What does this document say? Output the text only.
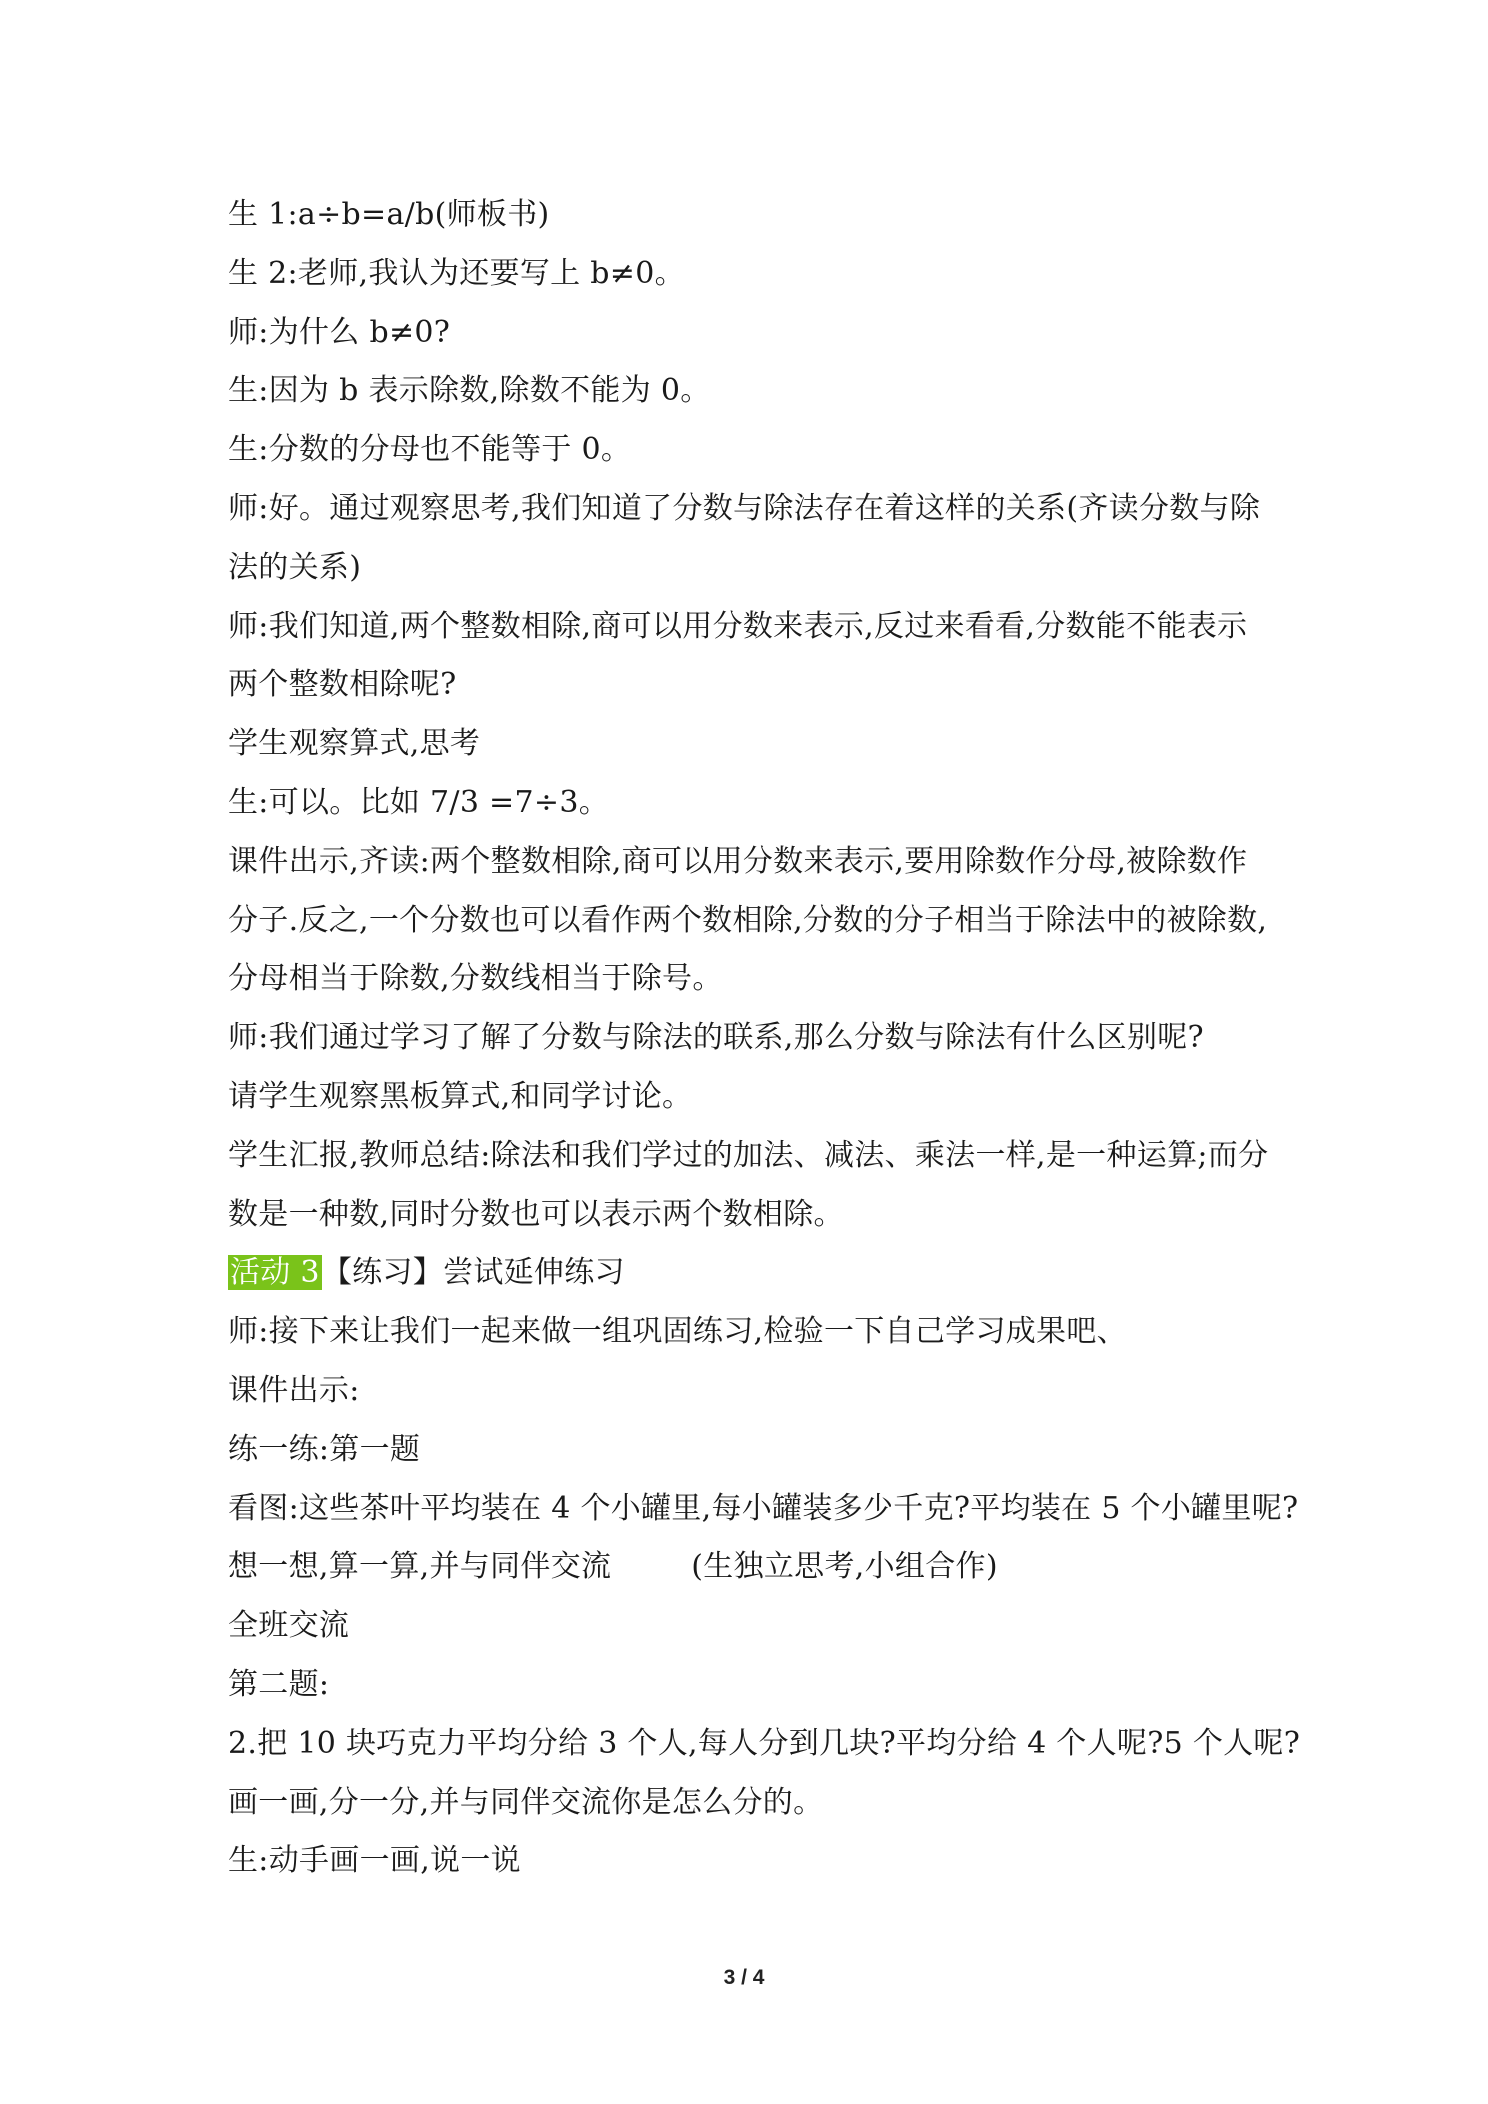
生 1:a÷b=a/b(师板书)
生 2:老师,我认为还要写上 b≠0。
师:为什么 b≠0?
生:因为 b 表示除数,除数不能为 0。
生:分数的分母也不能等于 0。
师:好。通过观察思考,我们知道了分数与除法存在着这样的关系(齐读分数与除
法的关系)
师:我们知道,两个整数相除,商可以用分数来表示,反过来看看,分数能不能表示
两个整数相除呢?
学生观察算式,思考
生:可以。比如 7/3 =7÷3。
课件出示,齐读:两个整数相除,商可以用分数来表示,要用除数作分母,被除数作
分子.反之,一个分数也可以看作两个数相除,分数的分子相当于除法中的被除数,
分母相当于除数,分数线相当于除号。
师:我们通过学习了解了分数与除法的联系,那么分数与除法有什么区别呢?
请学生观察黑板算式,和同学讨论。
学生汇报,教师总结:除法和我们学过的加法、减法、乘法一样,是一种运算;而分
数是一种数,同时分数也可以表示两个数相除。
活动 3【练习】尝试延伸练习
师:接下来让我们一起来做一组巩固练习,检验一下自己学习成果吧、
课件出示:
练一练:第一题
看图:这些茶叶平均装在 4 个小罐里,每小罐装多少千克?平均装在 5 个小罐里呢?
想一想,算一算,并与同伴交流	(生独立思考,小组合作)
全班交流
第二题:
2.把 10 块巧克力平均分给 3 个人,每人分到几块?平均分给 4 个人呢?5 个人呢?
画一画,分一分,并与同伴交流你是怎么分的。
生:动手画一画,说一说
3 / 4
